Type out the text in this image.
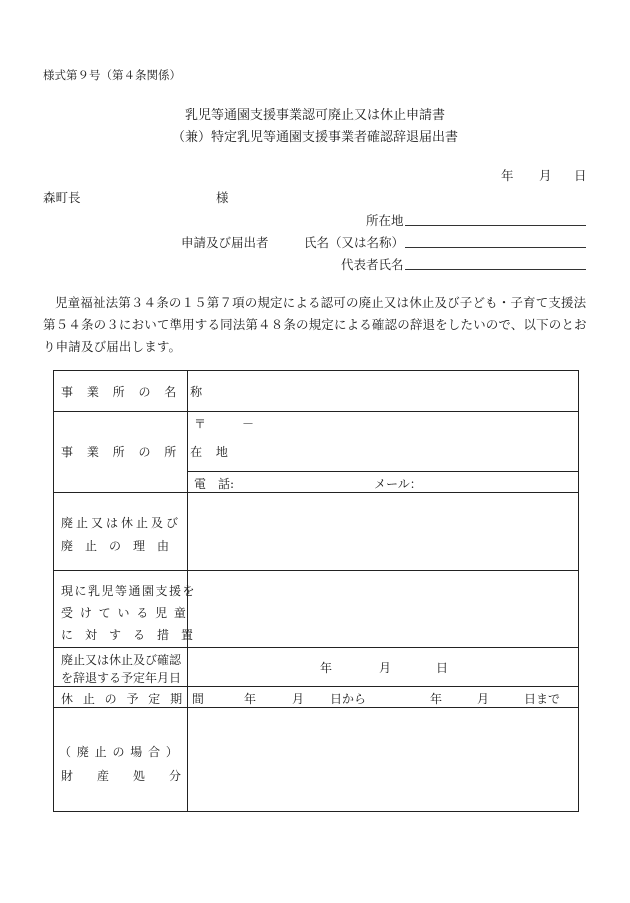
様式第９号（第４条関係）
乳児等通園支援事業認可廃止又は休止申請書
（兼）特定乳児等通園支援事業者確認辞退届出書
年 月 日
森町長	様
所在地
申請及び届出者	氏名（又は名称）
代表者氏名
児童福祉法第３４条の１５第７項の規定による認可の廃止又は休止及び子ども・子育て支援法第５４条の３において準用する同法第４８条の規定による確認の辞退をしたいので、以下のとおり申請及び届出します。
事 業 所 の 名 称
事 業 所 の 所 在 地
〒	－
電　話:	メール：
廃止又は休止及び
廃　止　の　理　由
現に乳児等通園支援を
受 け て い る 児 童
に　対　す　る　措　置
廃止又は休止及び確認
を辞退する予定年月日
年	月	日
休 止 の 予 定 期 間	年	月 日から	年	月	日まで
（ 廃 止 の 場 合 ）
財　　産　　処　　分
